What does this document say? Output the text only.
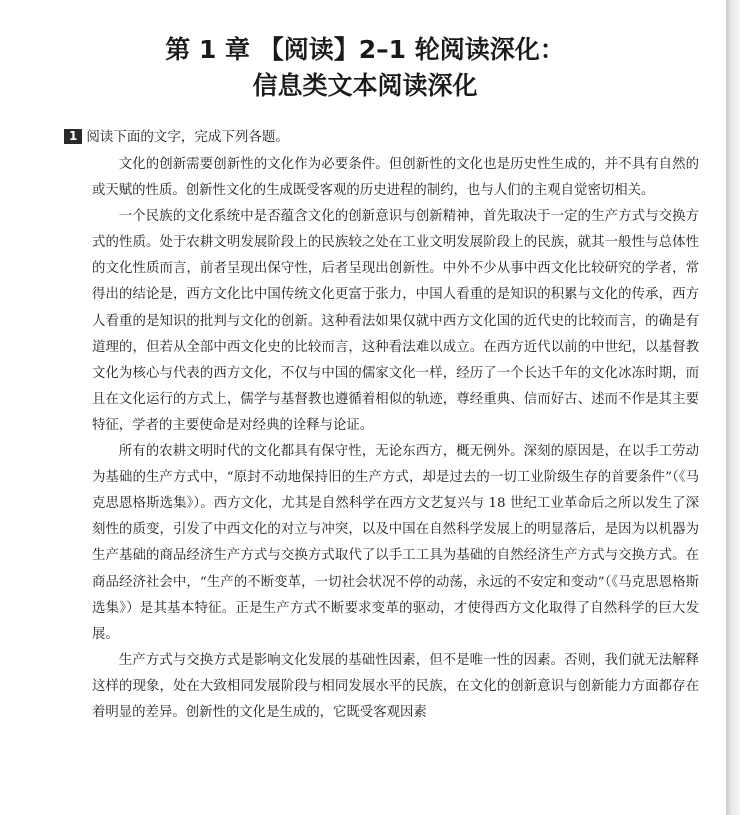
第 1 章 【阅读】2–1 轮阅读深化：
信息类文本阅读深化
1 阅读下面的文字，完成下列各题。

文化的创新需要创新性的文化作为必要条件。但创新性的文化也是历史性生成的，并不具有自然的或天赋的性质。创新性文化的生成既受客观的历史进程的制约，也与人们的主观自觉密切相关。

一个民族的文化系统中是否蕴含文化的创新意识与创新精神，首先取决于一定的生产方式与交换方式的性质。处于农耕文明发展阶段上的民族较之处在工业文明发展阶段上的民族，就其一般性与总体性的文化性质而言，前者呈现出保守性，后者呈现出创新性。中外不少从事中西文化比较研究的学者，常得出的结论是，西方文化比中国传统文化更富于张力，中国人看重的是知识的积累与文化的传承，西方人看重的是知识的批判与文化的创新。这种看法如果仅就中西方文化国的近代史的比较而言，的确是有道理的，但若从全部中西文化史的比较而言，这种看法难以成立。在西方近代以前的中世纪，以基督教文化为核心与代表的西方文化，不仅与中国的儒家文化一样，经历了一个长达千年的文化冰冻时期，而且在文化运行的方式上，儒学与基督教也遵循着相似的轨迹，尊经重典、信而好古、述而不作是其主要特征，学者的主要使命是对经典的诠释与论证。

所有的农耕文明时代的文化都具有保守性，无论东西方，概无例外。深刻的原因是，在以手工劳动为基础的生产方式中，“原封不动地保持旧的生产方式，却是过去的一切工业阶级生存的首要条件”（《马克思恩格斯选集》）。西方文化，尤其是自然科学在西方文艺复兴与 18 世纪工业革命后之所以发生了深刻性的质变，引发了中西文化的对立与冲突，以及中国在自然科学发展上的明显落后，是因为以机器为生产基础的商品经济生产方式与交换方式取代了以手工工具为基础的自然经济生产方式与交换方式。在商品经济社会中，“生产的不断变革，一切社会状况不停的动荡，永远的不安定和变动”（《马克思恩格斯选集》）是其基本特征。正是生产方式不断要求变革的驱动，才使得西方文化取得了自然科学的巨大发展。

生产方式与交换方式是影响文化发展的基础性因素，但不是唯一性的因素。否则，我们就无法解释这样的现象，处在大致相同发展阶段与相同发展水平的民族，在文化的创新意识与创新能力方面都存在着明显的差异。创新性的文化是生成的，它既受客观因素
